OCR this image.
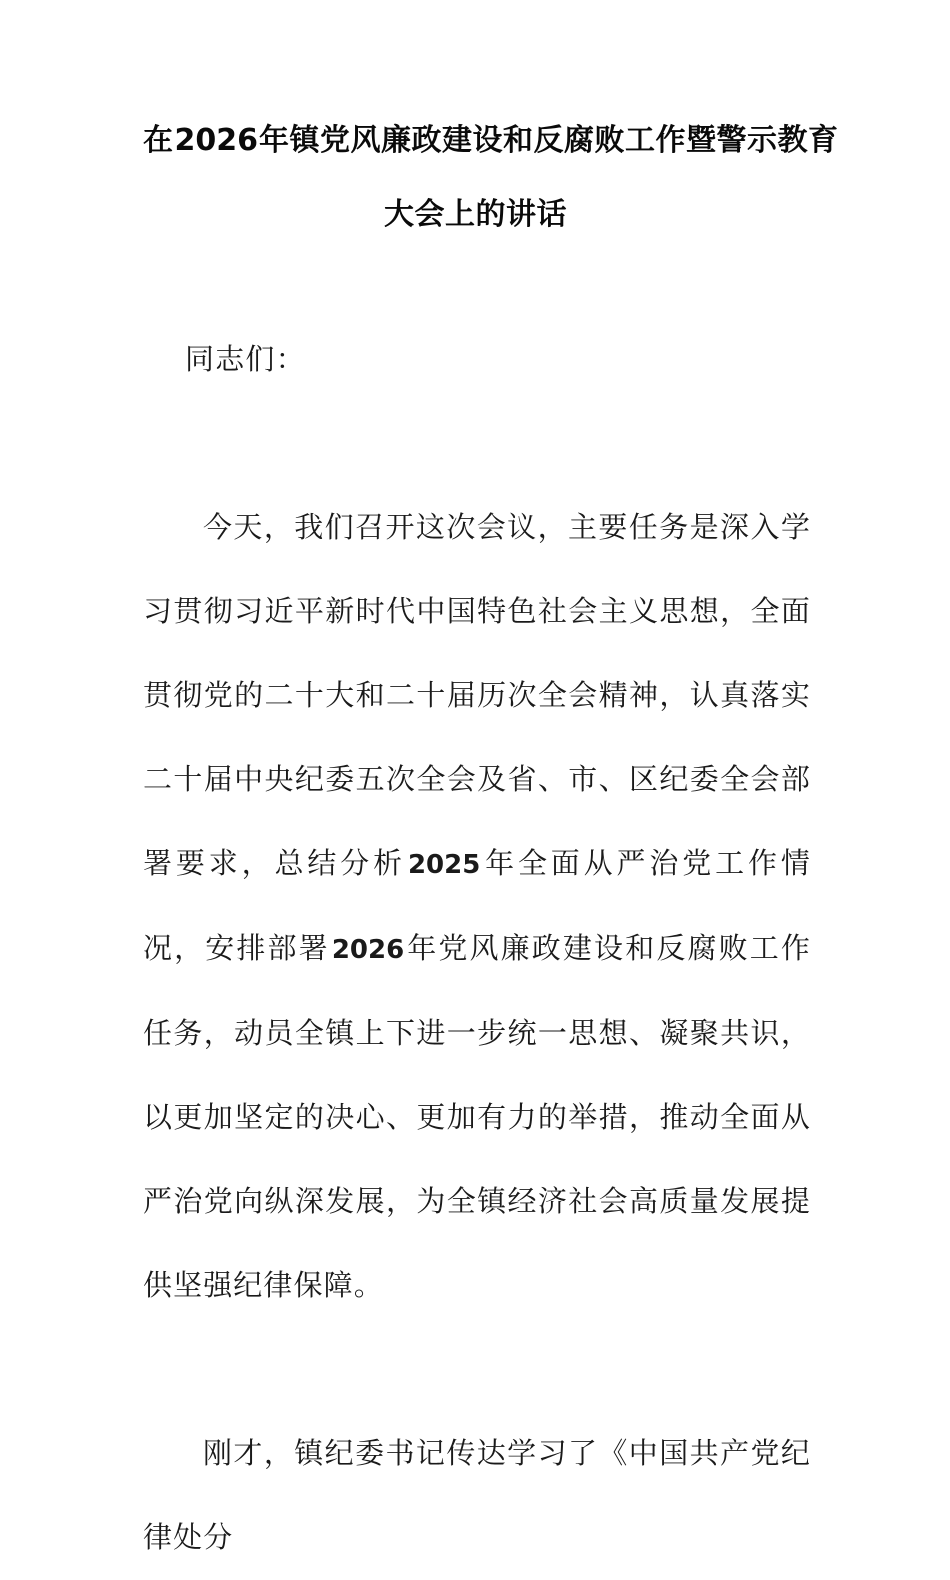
在2026年镇党风廉政建设和反腐败工作暨警示教育
大会上的讲话
同志们：

今天，我们召开这次会议，主要任务是深入学习贯彻习近平新时代中国特色社会主义思想，全面贯彻党的二十大和二十届历次全会精神，认真落实二十届中央纪委五次全会及省、市、区纪委全会部署要求，总结分析2025年全面从严治党工作情况，安排部署2026年党风廉政建设和反腐败工作任务，动员全镇上下进一步统一思想、凝聚共识，以更加坚定的决心、更加有力的举措，推动全面从严治党向纵深发展，为全镇经济社会高质量发展提供坚强纪律保障。

刚才，镇纪委书记传达学习了《中国共产党纪律处分
